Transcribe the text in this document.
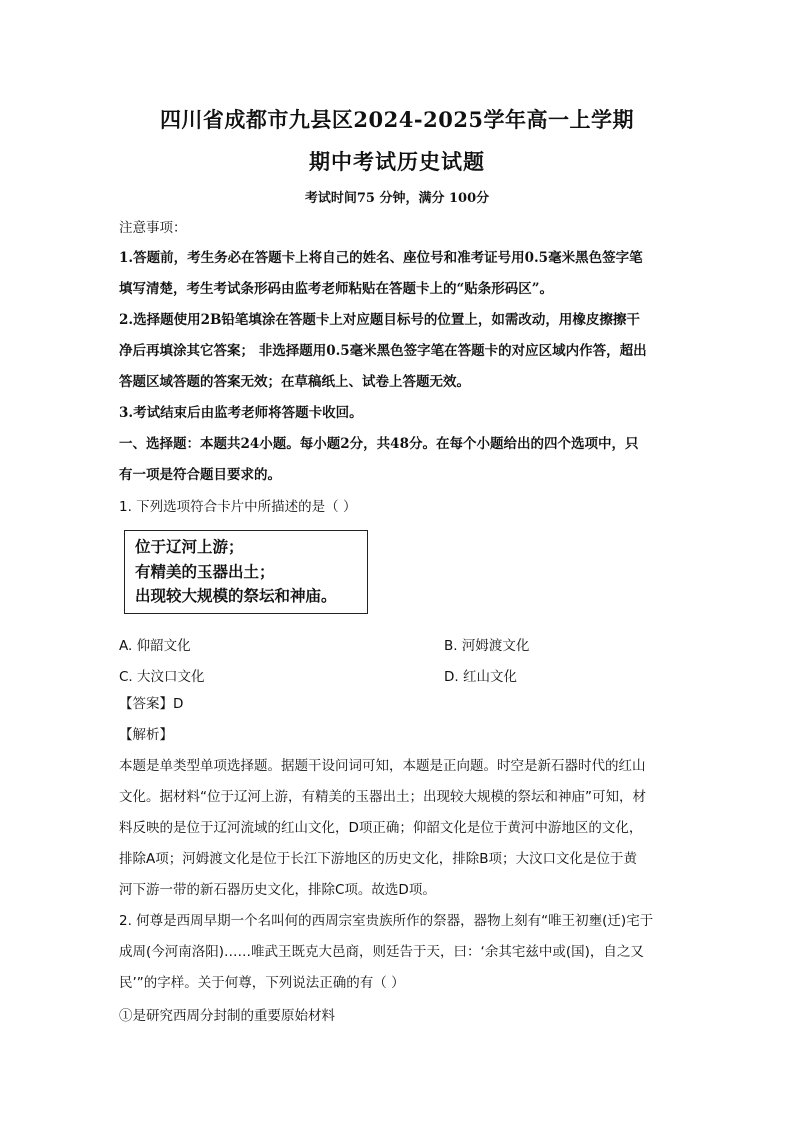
四川省成都市九县区2024-2025学年高一上学期
期中考试历史试题
考试时间75 分钟，满分 100分
注意事项：
1.答题前，考生务必在答题卡上将自己的姓名、座位号和准考证号用0.5毫米黑色签字笔
填写清楚，考生考试条形码由监考老师粘贴在答题卡上的“贴条形码区”。
2.选择题使用2B铅笔填涂在答题卡上对应题目标号的位置上，如需改动，用橡皮擦擦干
净后再填涂其它答案； 非选择题用0.5毫米黑色签字笔在答题卡的对应区域内作答，超出
答题区域答题的答案无效；在草稿纸上、试卷上答题无效。
3.考试结束后由监考老师将答题卡收回。
一、选择题：本题共24小题。每小题2分，共48分。在每个小题给出的四个选项中，只
有一项是符合题目要求的。
1. 下列选项符合卡片中所描述的是（ ）
位于辽河上游；
有精美的玉器出土；
出现较大规模的祭坛和神庙。
A. 仰韶文化	B. 河姆渡文化
C. 大汶口文化	D. 红山文化
【答案】D
【解析】
本题是单类型单项选择题。据题干设问词可知，本题是正向题。时空是新石器时代的红山
文化。据材料“位于辽河上游，有精美的玉器出土；出现较大规模的祭坛和神庙”可知，材
料反映的是位于辽河流域的红山文化，D项正确；仰韶文化是位于黄河中游地区的文化，
排除A项；河姆渡文化是位于长江下游地区的历史文化，排除B项；大汶口文化是位于黄
河下游一带的新石器历史文化，排除C项。故选D项。
2. 何尊是西周早期一个名叫何的西周宗室贵族所作的祭器，器物上刻有“唯王初壅(迁)宅于
成周(今河南洛阳)……唯武王既克大邑商，则廷告于天，曰：‘余其宅兹中或(国)，自之又
民’”的字样。关于何尊，下列说法正确的有（ ）
①是研究西周分封制的重要原始材料
